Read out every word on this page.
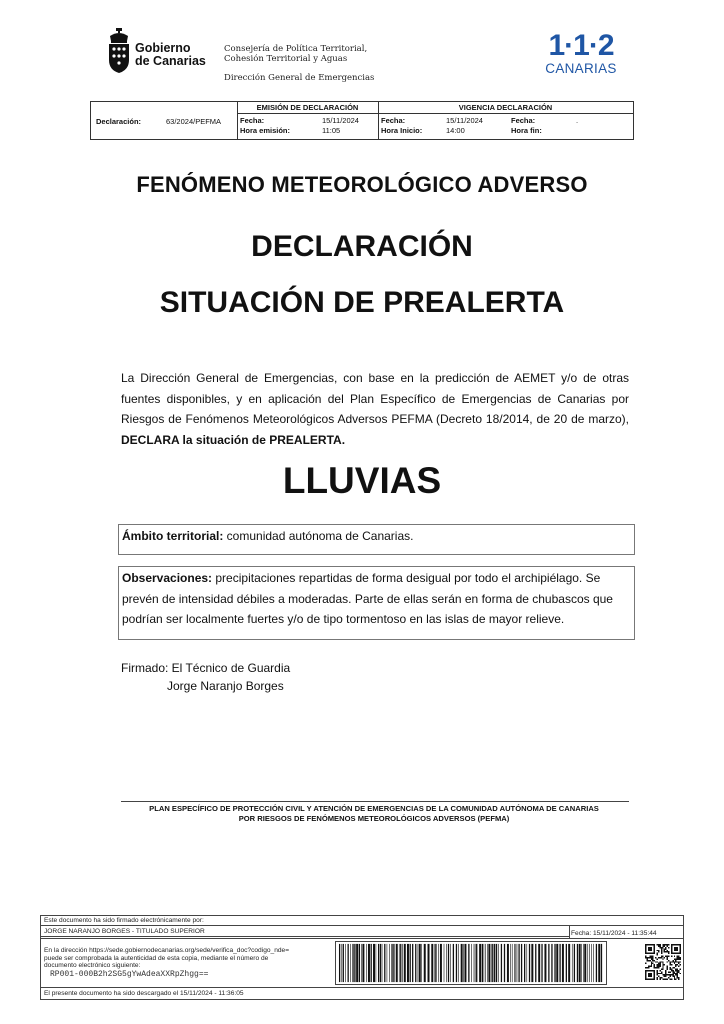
Gobierno
de Canarias
Consejería de Política Territorial,
Cohesión Territorial y Aguas
Dirección General de Emergencias
1·1·2
CANARIAS
Declaración:	63/2024/PEFMA
EMISIÓN DE DECLARACIÓN	VIGENCIA DECLARACIÓN
Fecha:	15/11/2024
Hora emisión:	11:05
Fecha:	15/11/2024
Hora Inicio:	14:00
Fecha:	.
Hora fin:
FENÓMENO METEOROLÓGICO ADVERSO
DECLARACIÓN
SITUACIÓN DE PREALERTA
La Dirección General de Emergencias, con base en la predicción de AEMET y/o de otras fuentes disponibles, y en aplicación del Plan Específico de Emergencias de Canarias por Riesgos de Fenómenos Meteorológicos Adversos PEFMA (Decreto 18/2014, de 20 de marzo), DECLARA la situación de PREALERTA.
LLUVIAS
Ámbito territorial: comunidad autónoma de Canarias.
Observaciones: precipitaciones repartidas de forma desigual por todo el archipiélago. Se prevén de intensidad débiles a moderadas. Parte de ellas serán en forma de chubascos que podrían ser localmente fuertes y/o de tipo tormentoso en las islas de mayor relieve.
Firmado: El Técnico de Guardia
Jorge Naranjo Borges
PLAN ESPECÍFICO DE PROTECCIÓN CIVIL Y ATENCIÓN DE EMERGENCIAS DE LA COMUNIDAD AUTÓNOMA DE CANARIAS
POR RIESGOS DE FENÓMENOS METEOROLÓGICOS ADVERSOS (PEFMA)
Este documento ha sido firmado electrónicamente por:
JORGE NARANJO BORGES - TITULADO SUPERIOR	Fecha: 15/11/2024 - 11:35:44
En la dirección https://sede.gobiernodecanarias.org/sede/verifica_doc?codigo_nde=
puede ser comprobada la autenticidad de esta copia, mediante el número de
documento electrónico siguiente:
RP001-000B2h2SG5gYwAdeaXXRpZhgg==
El presente documento ha sido descargado el 15/11/2024 - 11:36:05
